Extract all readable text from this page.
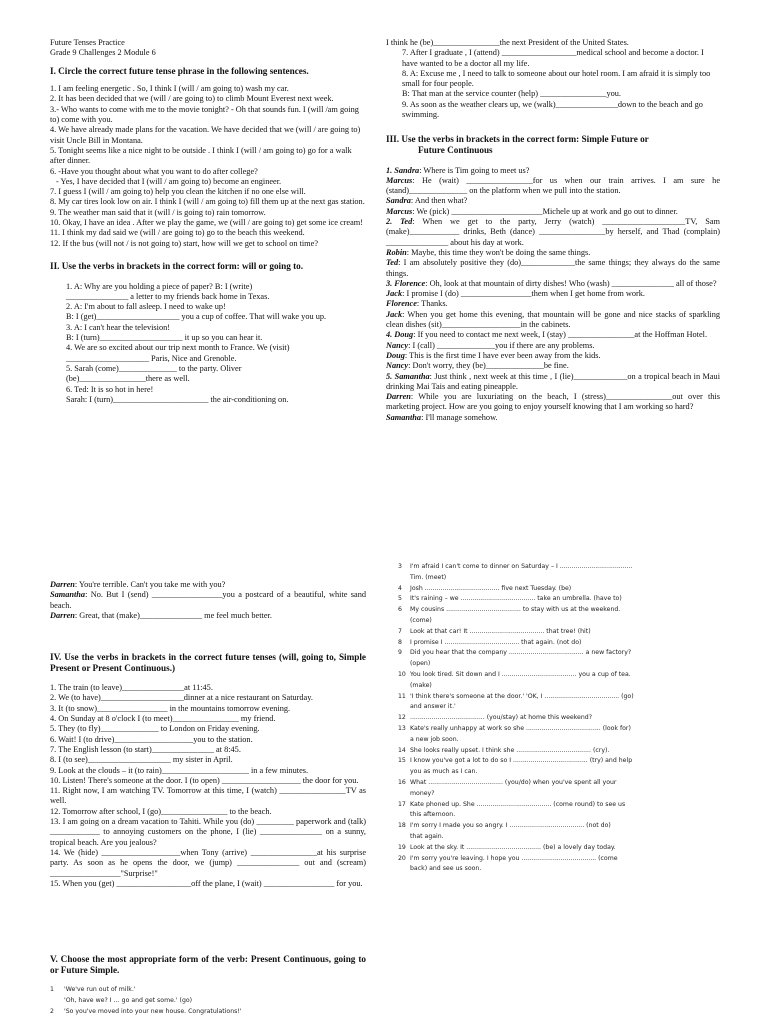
Future Tenses Practice

Grade 9 Challenges 2 Module 6

I. Circle the correct future tense phrase in the following sentences.

1. I am feeling energetic . So, I think I (will / am going to) wash my car.

2. It has been decided that we (will / are going to) to climb Mount Everest next week.

3.- Who wants to come with me to the movie tonight? - Oh that sounds fun. I (will /am going to) come with you.

4. We have already made plans for the vacation. We have decided that we (will / are going to) visit Uncle Bill in Montana.

5. Tonight seems like a nice night to be outside . I think I (will / am going to) go for a walk after dinner.

6. -Have you thought about what you want to do after college?

- Yes, I have decided that I (will / am going to) become an engineer.

7. I guess I (will / am going to) help you clean the kitchen if no one else will.

8. My car tires look low on air. I think I (will / am going to) fill them up at the next gas station.

9. The weather man said that it (will / is going to) rain tomorrow.

10. Okay, I have an idea . After we play the game, we (will / are going to) get some ice cream!

11. I think my dad said we (will / are going to) go to the beach this weekend.

12. If the bus (will not / is not going to) start, how will we get to school on time?

II. Use the verbs in brackets in the correct form: will or going to.

1. A: Why are you holding a piece of paper? B: I (write)

_______________ a letter to my friends back home in Texas.

2. A: I'm about to fall asleep. I need to wake up!

B: I (get)____________________ you a cup of coffee. That will wake you up.

3. A: I can't hear the television!

B: I (turn)____________________ it up so you can hear it.

4. We are so excited about our trip next month to France. We (visit) ____________________ Paris, Nice and Grenoble.

5. Sarah (come)______________ to the party. Oliver

(be)________________there as well.

6. Ted: It is so hot in here!

Sarah: I (turn)_______________________ the air-conditioning on.

I think he (be)________________the next President of the United States.

7. After I graduate , I (attend) __________________medical school and become a doctor. I have wanted to be a doctor all my life.

8. A: Excuse me , I need to talk to someone about our hotel room. I am afraid it is simply too small for four people.

B: That man at the service counter (help) ________________you.

9. As soon as the weather clears up, we (walk)_______________down to the beach and go swimming.

III. Use the verbs in brackets in the correct form: Simple Future or

Future Continuous

1. Sandra: Where is Tim going to meet us?

Marcus: He (wait) ________________for us when our train arrives. I am sure he (stand)______________ on the platform when we pull into the station.

Sandra: And then what?

Marcus: We (pick) ______________________Michele up at work and go out to dinner.

2. Ted: When we get to the party, Jerry (watch) ____________________TV, Sam (make)____________ drinks, Beth (dance) ________________by herself, and Thad (complain) _______________ about his day at work.

Robin: Maybe, this time they won't be doing the same things.

Ted: I am absolutely positive they (do)_____________the same things; they always do the same things.

3. Florence: Oh, look at that mountain of dirty dishes! Who (wash) _______________ all of those?

Jack: I promise I (do) _________________them when I get home from work.

Florence: Thanks.

Jack: When you get home this evening, that mountain will be gone and nice stacks of sparkling clean dishes (sit)___________________in the cabinets.

4. Doug: If you need to contact me next week, I (stay) ________________at the Hoffman Hotel.

Nancy: I (call) ______________you if there are any problems.

Doug: This is the first time I have ever been away from the kids.

Nancy: Don't worry, they (be)______________be fine.

5. Samantha: Just think , next week at this time , I (lie)_____________on a tropical beach in Maui drinking Mai Tais and eating pineapple.

Darren: While you are luxuriating on the beach, I (stress)________________out over this marketing project. How are you going to enjoy yourself knowing that I am working so hard?

Samantha: I'll manage somehow.

Darren: You're terrible. Can't you take me with you?

Samantha: No. But I (send) _________________you a postcard of a beautiful, white sand beach.

Darren: Great, that (make)_______________ me feel much better.

IV. Use the verbs in brackets in the correct future tenses (will, going to, Simple Present or Present Continuous.)

1. The train (to leave)_______________at 11:45.

2. We (to have)____________________dinner at a nice restaurant on Saturday.

3. It (to snow)_________________ in the mountains tomorrow evening.

4. On Sunday at 8 o'clock I (to meet)________________ my friend.

5. They (to fly)______________ to London on Friday evening.

6. Wait! I (to drive)___________________you to the station.

7. The English lesson (to start)_______________ at 8:45.

8. I (to see)____________________ my sister in April.

9. Look at the clouds – it (to rain)_____________________ in a few minutes.

10. Listen! There's someone at the door. I (to open) ___________________ the door for you.

11. Right now, I am watching TV. Tomorrow at this time, I (watch) ________________TV as well.

12. Tomorrow after school, I (go)________________ to the beach.

13. I am going on a dream vacation to Tahiti. While you (do) _________ paperwork and (talk) ____________ to annoying customers on the phone, I (lie) _______________ on a sunny, tropical beach. Are you jealous?

14. We (hide) ___________________when Tony (arrive) ________________at his surprise party. As soon as he opens the door, we (jump) _______________ out and (scream) _________________"Surprise!"

15. When you (get) __________________off the plane, I (wait) _________________ for you.

V. Choose the most appropriate form of the verb: Present Continuous, going to or Future Simple.

1	'We've run out of milk.'
'Oh, have we? I … go and get some.' (go)
2	'So you've moved into your new house. Congratulations!'
3	I'm afraid I can't come to dinner on Saturday – I .....................................
Tim. (meet)
4	Josh ...................................... five next Tuesday. (be)
5	It's raining – we ...................................... take an umbrella. (have to)
6	My cousins ...................................... to stay with us at the weekend.
(come)
7	Look at that car! It ...................................... that tree! (hit)
8	I promise I ...................................... that again. (not do)
9	Did you hear that the company ...................................... a new factory?
(open)
10 You look tired. Sit down and I ...................................... you a cup of tea.
(make)
11 'I think there's someone at the door.' 'OK, I ...................................... (go)
and answer it.'
12 ...................................... (you/stay) at home this weekend?
13 Kate's really unhappy at work so she ...................................... (look for)
a new job soon.
14 She looks really upset. I think she ...................................... (cry).
15 I know you've got a lot to do so I ...................................... (try) and help
you as much as I can.
16 What ...................................... (you/do) when you've spent all your
money?
17 Kate phoned up. She ...................................... (come round) to see us
this afternoon.
18 I'm sorry I made you so angry. I ...................................... (not do)
that again.
19 Look at the sky. It ...................................... (be) a lovely day today.
20 I'm sorry you're leaving. I hope you ...................................... (come
back) and see us soon.
